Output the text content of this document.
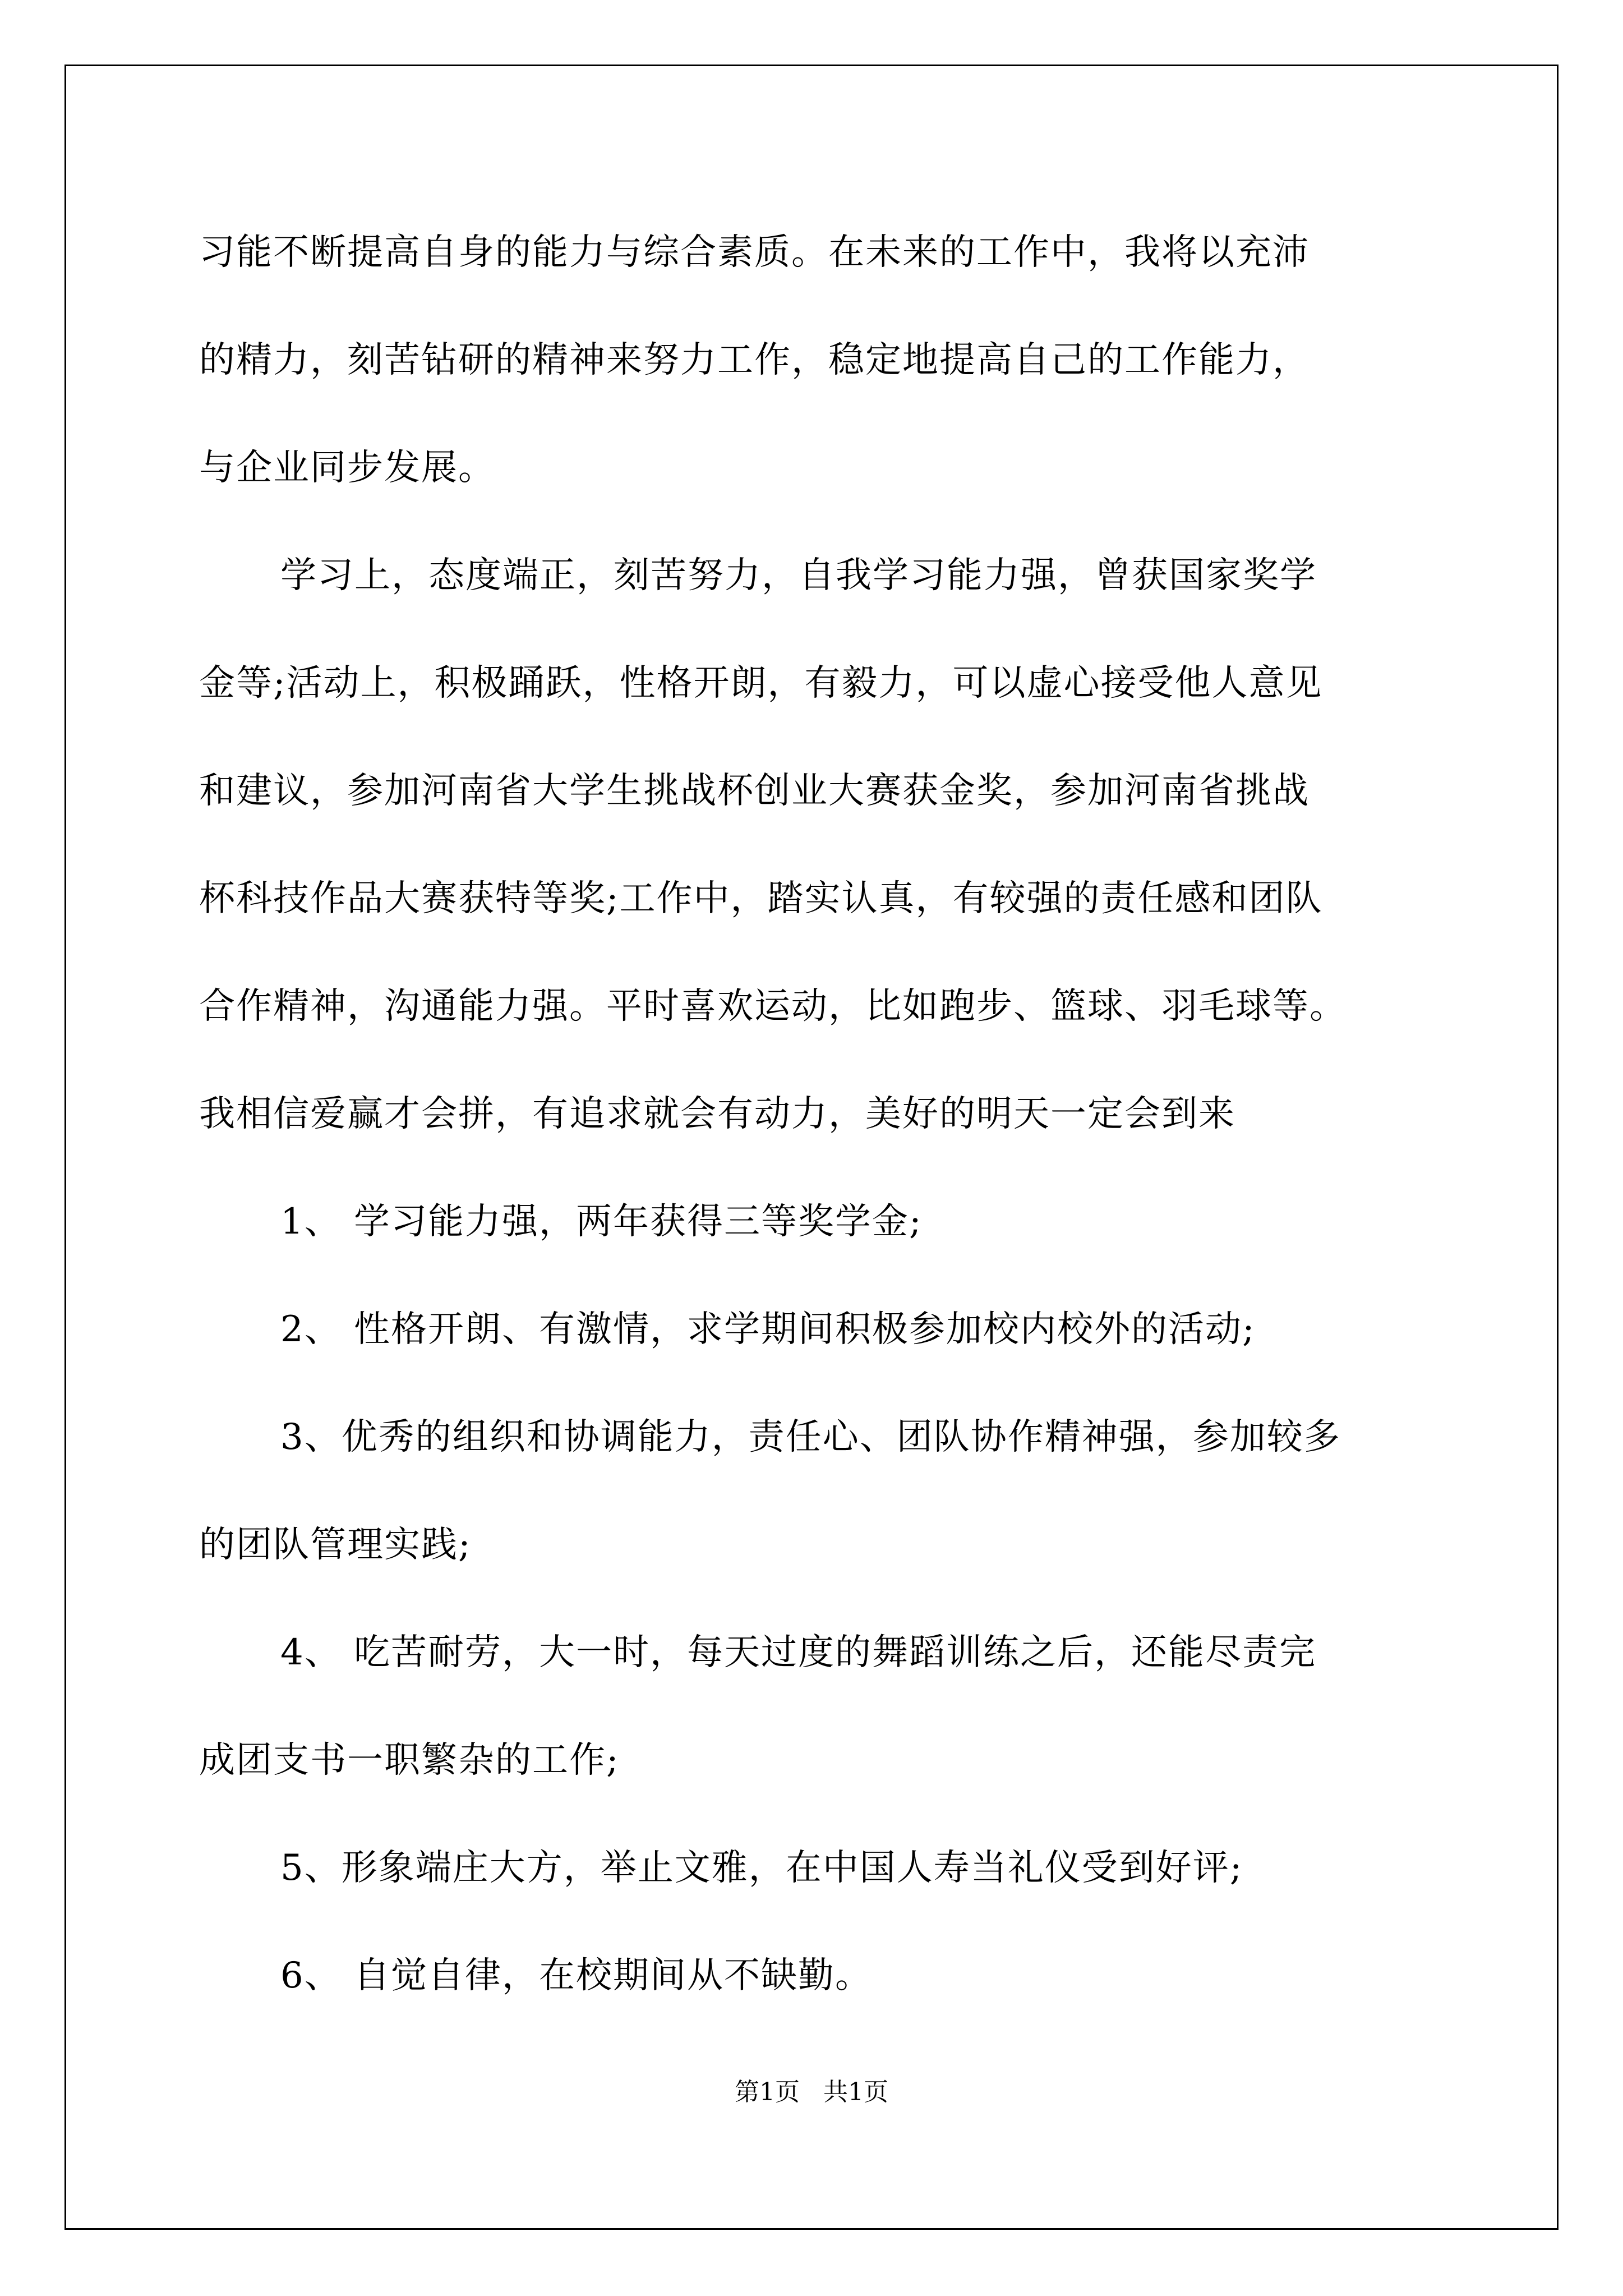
习能不断提高自身的能力与综合素质。在未来的工作中，我将以充沛
的精力，刻苦钻研的精神来努力工作，稳定地提高自己的工作能力，
与企业同步发展。
学习上，态度端正，刻苦努力，自我学习能力强，曾获国家奖学
金等;活动上，积极踊跃，性格开朗，有毅力，可以虚心接受他人意见
和建议，参加河南省大学生挑战杯创业大赛获金奖，参加河南省挑战
杯科技作品大赛获特等奖;工作中，踏实认真，有较强的责任感和团队
合作精神，沟通能力强。平时喜欢运动，比如跑步、篮球、羽毛球等。
我相信爱赢才会拼，有追求就会有动力，美好的明天一定会到来
1、 学习能力强，两年获得三等奖学金;
2、 性格开朗、有激情，求学期间积极参加校内校外的活动;
3、优秀的组织和协调能力，责任心、团队协作精神强，参加较多
的团队管理实践;
4、 吃苦耐劳，大一时，每天过度的舞蹈训练之后，还能尽责完
成团支书一职繁杂的工作;
5、形象端庄大方，举止文雅，在中国人寿当礼仪受到好评;
6、 自觉自律，在校期间从不缺勤。
第1页   共1页
